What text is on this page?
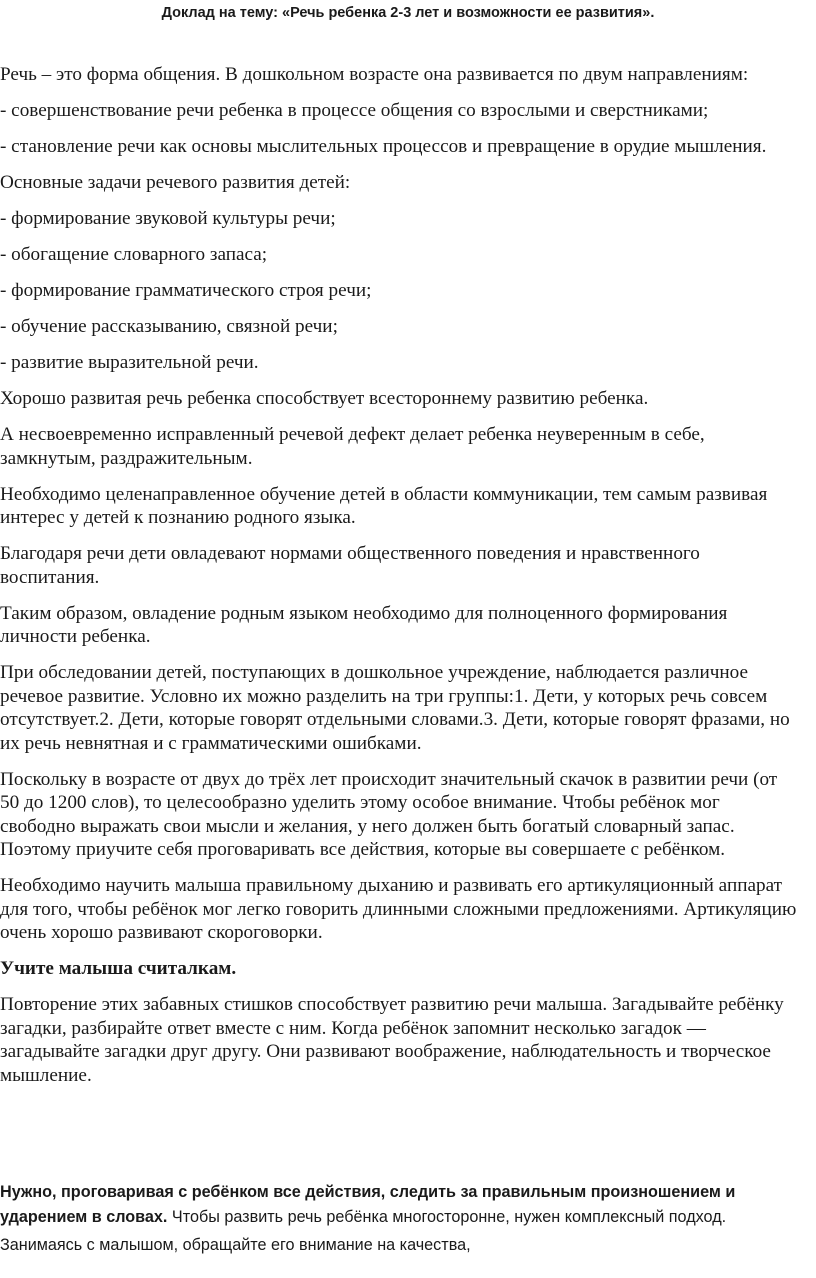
Доклад на тему: «Речь ребенка 2-3 лет и возможности ее развития».

Речь – это форма общения. В дошкольном возрасте она развивается по двум направлениям:

- совершенствование речи ребенка в процессе общения со взрослыми и сверстниками;

- становление речи как основы мыслительных процессов и превращение в орудие мышления.

Основные задачи речевого развития детей:

- формирование звуковой культуры речи;

- обогащение словарного запаса;

- формирование грамматического строя речи;

- обучение рассказыванию, связной речи;

- развитие выразительной речи.

Хорошо развитая речь ребенка способствует всестороннему развитию ребенка.

А несвоевременно исправленный речевой дефект делает ребенка неуверенным в себе, замкнутым, раздражительным.

Необходимо целенаправленное обучение детей в области коммуникации, тем самым развивая интерес у детей к познанию родного языка.

Благодаря речи дети овладевают нормами общественного поведения и нравственного воспитания.

Таким образом, овладение родным языком необходимо для полноценного формирования личности ребенка.

При обследовании детей, поступающих в дошкольное учреждение, наблюдается различное речевое развитие. Условно их можно разделить на три группы:1. Дети, у которых речь совсем отсутствует.2. Дети, которые говорят отдельными словами.3. Дети, которые говорят фразами, но их речь невнятная и с грамматическими ошибками.

Поскольку в возрасте от двух до трёх лет происходит значительный скачок в развитии речи (от 50 до 1200 слов), то целесообразно уделить этому особое внимание. Чтобы ребёнок мог свободно выражать свои мысли и желания, у него должен быть богатый словарный запас. Поэтому приучите себя проговаривать все действия, которые вы совершаете с ребёнком.

Необходимо научить малыша правильному дыханию и развивать его артикуляционный аппарат для того, чтобы ребёнок мог легко говорить длинными сложными предложениями. Артикуляцию очень хорошо развивают скороговорки.

Учите малыша считалкам.

Повторение этих забавных стишков способствует развитию речи малыша. Загадывайте ребёнку загадки, разбирайте ответ вместе с ним. Когда ребёнок запомнит несколько загадок — загадывайте загадки друг другу. Они развивают воображение, наблюдательность и творческое мышление.

Нужно, проговаривая с ребёнком все действия, следить за правильным произношением и ударением в словах. Чтобы развить речь ребёнка многосторонне, нужен комплексный подход.

Занимаясь с малышом, обращайте его внимание на качества,
